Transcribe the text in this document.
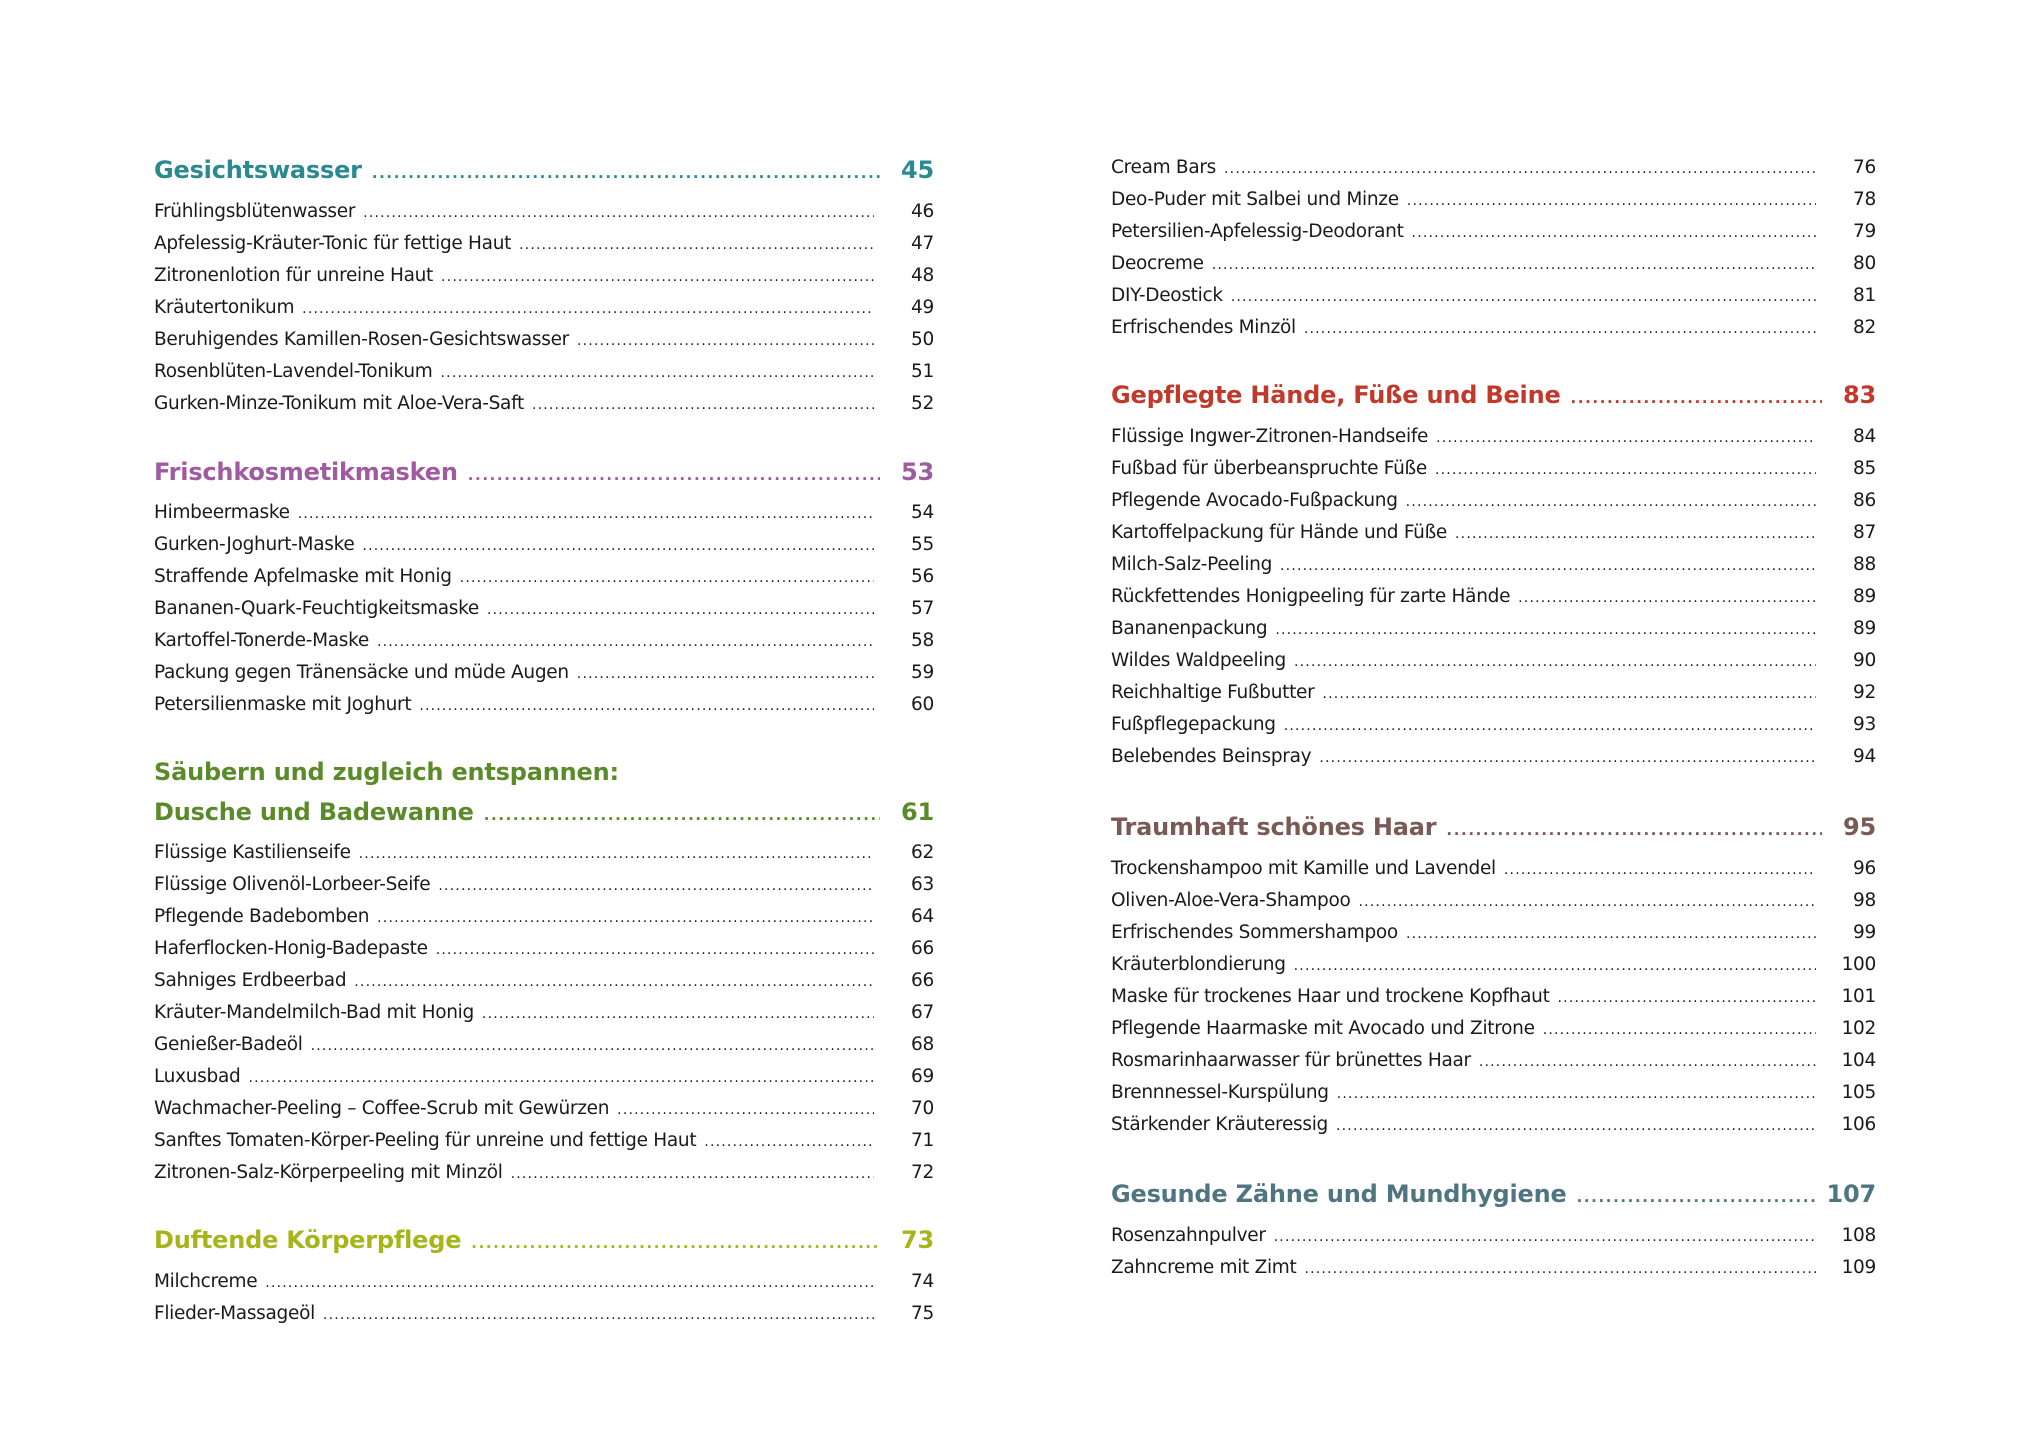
Gesichtswasser .....	45
Frühlingsblütenwasser .....	46
Apfelessig-Kräuter-Tonic für fettige Haut .....	47
Zitronenlotion für unreine Haut .....	48
Kräutertonikum .....	49
Beruhigendes Kamillen-Rosen-Gesichtswasser .....	50
Rosenblüten-Lavendel-Tonikum .....	51
Gurken-Minze-Tonikum mit Aloe-Vera-Saft .....	52
Frischkosmetikmasken .....	53
Himbeermaske .....	54
Gurken-Joghurt-Maske .....	55
Straffende Apfelmaske mit Honig .....	56
Bananen-Quark-Feuchtigkeitsmaske .....	57
Kartoffel-Tonerde-Maske .....	58
Packung gegen Tränensäcke und müde Augen .....	59
Petersilienmaske mit Joghurt .....	60
Säubern und zugleich entspannen:
Dusche und Badewanne .....	61
Flüssige Kastilienseife .....	62
Flüssige Olivenöl-Lorbeer-Seife .....	63
Pflegende Badebomben .....	64
Haferflocken-Honig-Badepaste .....	66
Sahniges Erdbeerbad .....	66
Kräuter-Mandelmilch-Bad mit Honig .....	67
Genießer-Badeöl .....	68
Luxusbad .....	69
Wachmacher-Peeling – Coffee-Scrub mit Gewürzen .....	70
Sanftes Tomaten-Körper-Peeling für unreine und fettige Haut .....	71
Zitronen-Salz-Körperpeeling mit Minzöl .....	72
Duftende Körperpflege .....	73
Milchcreme .....	74
Flieder-Massageöl .....	75
Cream Bars .....	76
Deo-Puder mit Salbei und Minze .....	78
Petersilien-Apfelessig-Deodorant .....	79
Deocreme .....	80
DIY-Deostick .....	81
Erfrischendes Minzöl .....	82
Gepflegte Hände, Füße und Beine .....	83
Flüssige Ingwer-Zitronen-Handseife .....	84
Fußbad für überbeanspruchte Füße .....	85
Pflegende Avocado-Fußpackung .....	86
Kartoffelpackung für Hände und Füße .....	87
Milch-Salz-Peeling .....	88
Rückfettendes Honigpeeling für zarte Hände .....	89
Bananenpackung .....	89
Wildes Waldpeeling .....	90
Reichhaltige Fußbutter .....	92
Fußpflegepackung .....	93
Belebendes Beinspray .....	94
Traumhaft schönes Haar .....	95
Trockenshampoo mit Kamille und Lavendel .....	96
Oliven-Aloe-Vera-Shampoo .....	98
Erfrischendes Sommershampoo .....	99
Kräuterblondierung .....	100
Maske für trockenes Haar und trockene Kopfhaut .....	101
Pflegende Haarmaske mit Avocado und Zitrone .....	102
Rosmarinhaarwasser für brünettes Haar .....	104
Brennnessel-Kurspülung .....	105
Stärkender Kräuteressig .....	106
Gesunde Zähne und Mundhygiene .....	107
Rosenzahnpulver .....	108
Zahncreme mit Zimt .....	109
